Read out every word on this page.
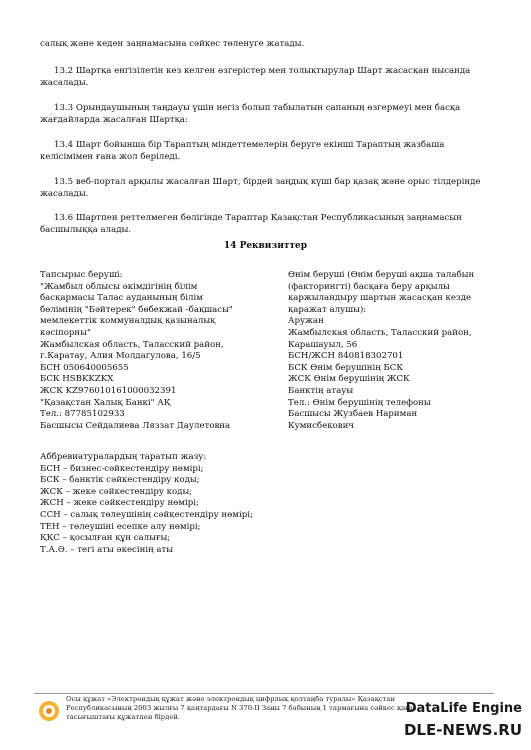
салық және кеден заңнамасына сәйкес төленуге жатады.

13.2 Шартқа енгізілетін кез келген өзгерістер мен толықтырулар Шарт жасасқан нысанда жасалады.

13.3 Орындаушының таңдауы үшін негіз болып табылатын сапаның өзгермеуі мен басқа жағдайларда жасалған Шартқа:

13.4 Шарт бойынша бір Тараптың міндеттемелерін беруге екінші Тараптың жазбаша келісімімен ғана жол беріледі.

13.5 веб-портал арқылы жасалған Шарт, бірдей заңдық күші бар қазақ және орыс тілдерінде жасалады.

13.6 Шартпен реттелмеген бөлігінде Тараптар Қазақстан Республикасының заңнамасын басшылыққа алады.

14 Реквизиттер
Тапсырыс беруші:
"Жамбыл облысы әкімдігінің білім
басқармасы Талас ауданының білім
бөлімінің "Бәйтерек" бөбекжай -бақшасы"
мемлекеттік коммуналдық қазыналық
кәсіпорны"
Жамбылская область, Таласский район,
г.Каратау, Алия Молдагулова, 16/5
БСН 050640005655
БСК HSBKKZKX
ЖСК KZ976010161000032391
"Қазақстан Халық Банкі" АҚ
Тел.: 87785102933
Басшысы Сейдалиева Ляззат Даулетовна
Өнім беруші (Өнім беруші ақша талабын
(факторингті) басқаға беру арқылы
қаржыландыру шартын жасасқан кезде
қаражат алушы):
Аружан
Жамбылская область, Таласский район,
Карашауыл, 56
БСН/ЖСН 840818302701
БСК Өнім берушінің БСК
ЖСК Өнім берушінің ЖСК
Банктің атауы
Тел.: Өнім берушінің телефоны
Басшысы Жузбаев Нариман
Кумисбекович
Аббревиатуралардың таратып жазу:
БСН – бизнес-сәйкестендіру нөмірі;
БСК – банктік сәйкестендіру коды;
ЖСК – жеке сәйкестендіру коды;
ЖСН – жеке сәйкестендіру нөмірі;
ССН – салық төлеушінің сәйкестендіру нөмірі;
ТЕН – төлеушіні есепке алу нөмірі;
ҚҚС – қосылған құн салығы;
Т.А.Ә. – тегі аты әкесінің аты
Осы құжат «Электрондық құжат және электрондық цифрлық қолтаңба туралы» Қазақстан
Республикасының 2003 жылғы 7 қаңтардағы N 370-II Заңы 7 бабының 1 тармағына сәйкес қағаз
тасығыштағы құжатпен бірдей.
DataLife Engine
DLE-NEWS.RU
